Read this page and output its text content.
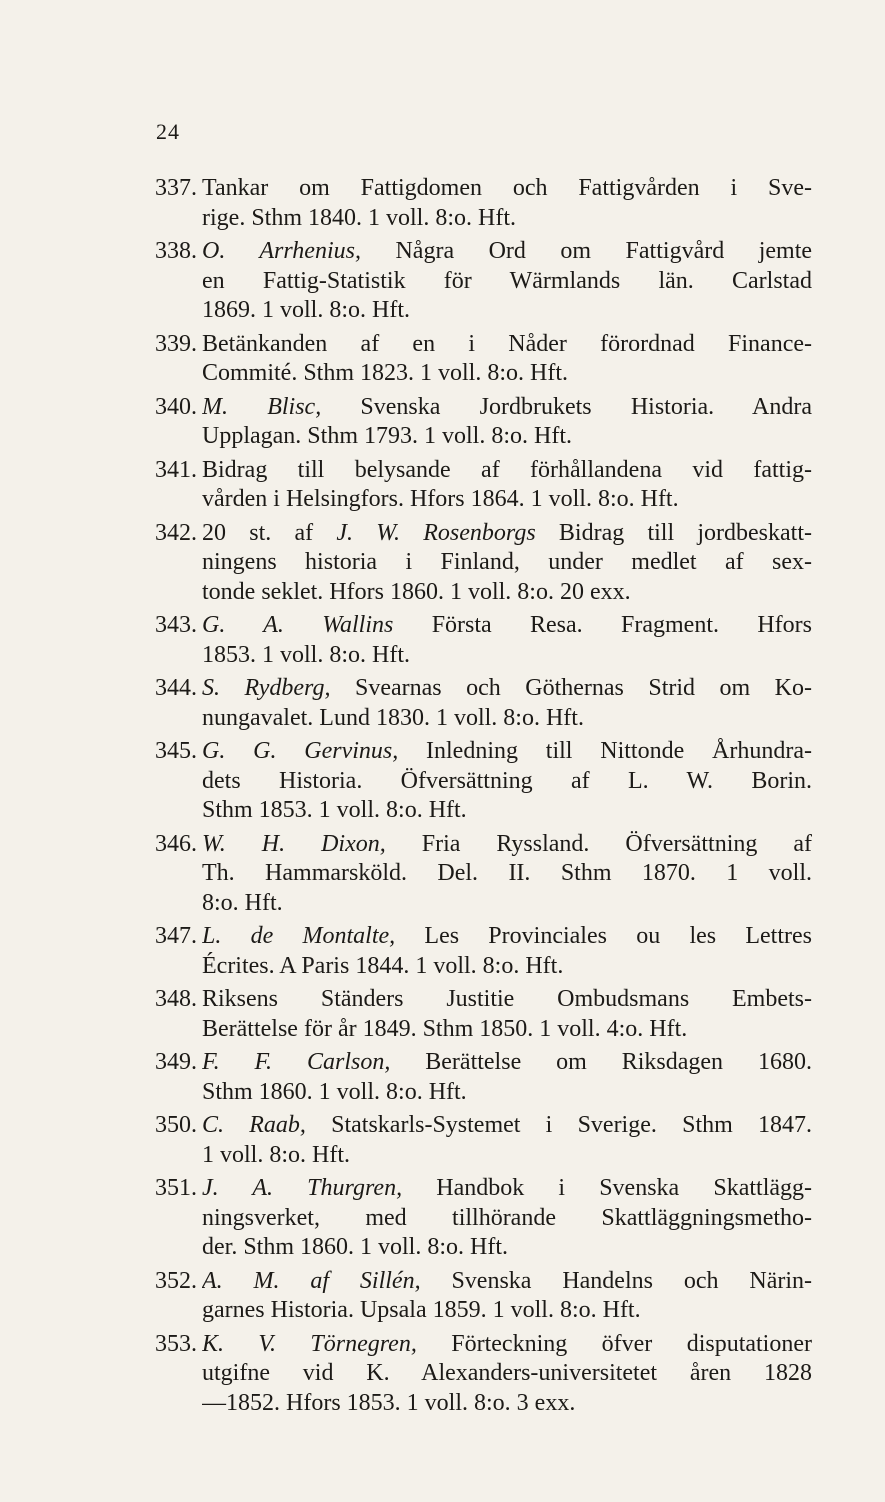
24
337. Tankar om Fattigdomen och Fattigvården i Sve-
rige. Sthm 1840. 1 voll. 8:o. Hft.
338. O. Arrhenius, Några Ord om Fattigvård jemte
en Fattig-Statistik för Wärmlands län. Carlstad
1869. 1 voll. 8:o. Hft.
339. Betänkanden af en i Nåder förordnad Finance-
Commité. Sthm 1823. 1 voll. 8:o. Hft.
340. M. Blisc, Svenska Jordbrukets Historia. Andra
Upplagan. Sthm 1793. 1 voll. 8:o. Hft.
341. Bidrag till belysande af förhållandena vid fattig-
vården i Helsingfors. Hfors 1864. 1 voll. 8:o. Hft.
342. 20 st. af J. W. Rosenborgs Bidrag till jordbeskatt-
ningens historia i Finland, under medlet af sex-
tonde seklet. Hfors 1860. 1 voll. 8:o. 20 exx.
343. G. A. Wallins Första Resa. Fragment. Hfors
1853. 1 voll. 8:o. Hft.
344. S. Rydberg, Svearnas och Göthernas Strid om Ko-
nungavalet. Lund 1830. 1 voll. 8:o. Hft.
345. G. G. Gervinus, Inledning till Nittonde Århundra-
dets Historia. Öfversättning af L. W. Borin.
Sthm 1853. 1 voll. 8:o. Hft.
346. W. H. Dixon, Fria Ryssland. Öfversättning af
Th. Hammarsköld. Del. II. Sthm 1870. 1 voll.
8:o. Hft.
347. L. de Montalte, Les Provinciales ou les Lettres
Écrites. A Paris 1844. 1 voll. 8:o. Hft.
348. Riksens Ständers Justitie Ombudsmans Embets-
Berättelse för år 1849. Sthm 1850. 1 voll. 4:o. Hft.
349. F. F. Carlson, Berättelse om Riksdagen 1680.
Sthm 1860. 1 voll. 8:o. Hft.
350. C. Raab, Statskarls-Systemet i Sverige. Sthm 1847.
1 voll. 8:o. Hft.
351. J. A. Thurgren, Handbok i Svenska Skattlägg-
ningsverket, med tillhörande Skattläggningsmetho-
der. Sthm 1860. 1 voll. 8:o. Hft.
352. A. M. af Sillén, Svenska Handelns och Närin-
garnes Historia. Upsala 1859. 1 voll. 8:o. Hft.
353. K. V. Törnegren, Förteckning öfver disputationer
utgifne vid K. Alexanders-universitetet åren 1828
—1852. Hfors 1853. 1 voll. 8:o. 3 exx.
